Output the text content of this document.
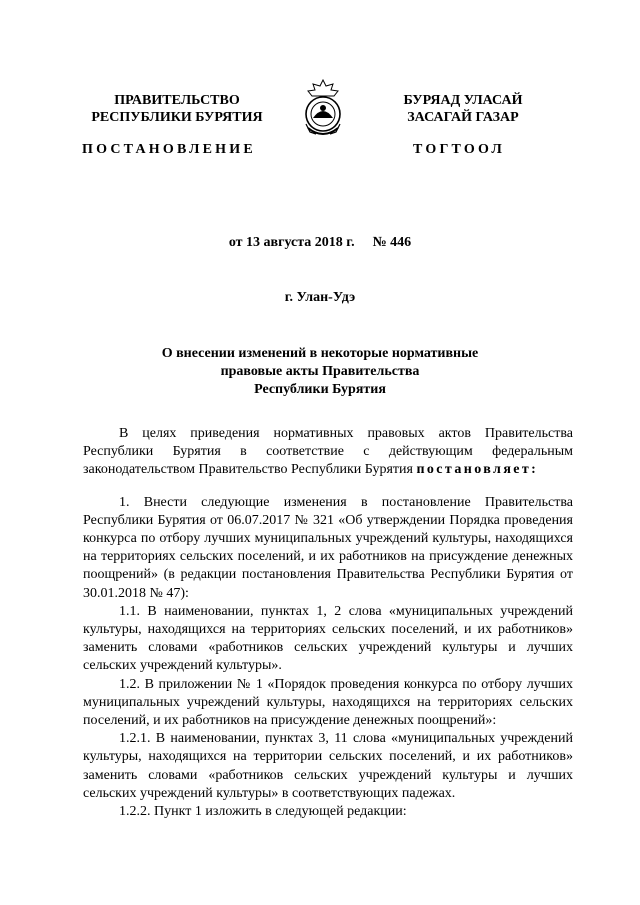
ПРАВИТЕЛЬСТВО
РЕСПУБЛИКИ БУРЯТИЯ
БУРЯАД УЛАСАЙ
ЗАСАГАЙ ГАЗАР
ПОСТАНОВЛЕНИЕ	ТОГТООЛ
от 13 августа 2018 г. № 446
г. Улан-Удэ
О внесении изменений в некоторые нормативные
правовые акты Правительства
Республики Бурятия

В целях приведения нормативных правовых актов Правительства Республики Бурятия в соответствие с действующим федеральным законодательством Правительство Республики Бурятия постановляет:

1. Внести следующие изменения в постановление Правительства Республики Бурятия от 06.07.2017 № 321 «Об утверждении Порядка проведения конкурса по отбору лучших муниципальных учреждений культуры, находящихся на территориях сельских поселений, и их работников на присуждение денежных поощрений» (в редакции постановления Правительства Республики Бурятия от 30.01.2018 № 47):

1.1. В наименовании, пунктах 1, 2 слова «муниципальных учреждений культуры, находящихся на территориях сельских поселений, и их работников» заменить словами «работников сельских учреждений культуры и лучших сельских учреждений культуры».

1.2. В приложении № 1 «Порядок проведения конкурса по отбору лучших муниципальных учреждений культуры, находящихся на территориях сельских поселений, и их работников на присуждение денежных поощрений»:

1.2.1. В наименовании, пунктах 3, 11 слова «муниципальных учреждений культуры, находящихся на территории сельских поселений, и их работников» заменить словами «работников сельских учреждений культуры и лучших сельских учреждений культуры» в соответствующих падежах.

1.2.2. Пункт 1 изложить в следующей редакции:
